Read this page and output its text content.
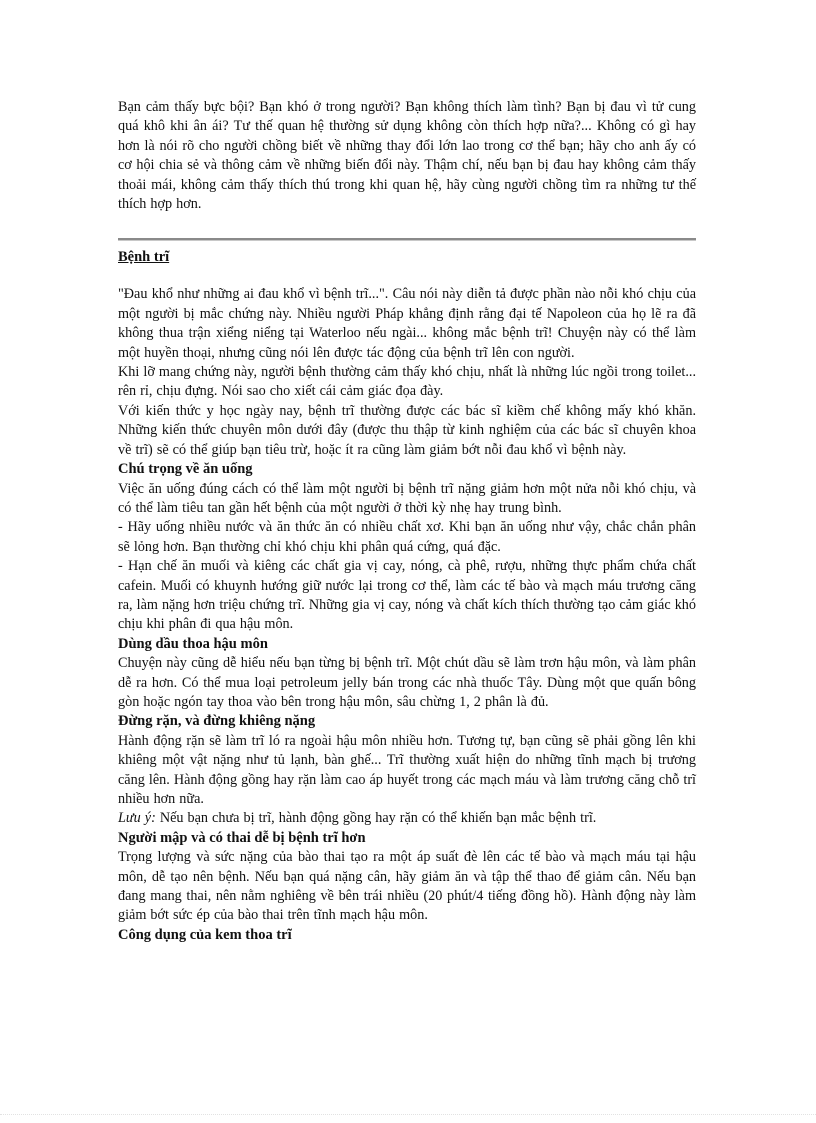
Bạn cảm thấy bực bội? Bạn khó ở trong người? Bạn không thích làm tình? Bạn bị đau vì tử cung quá khô khi ân ái? Tư thế quan hệ thường sử dụng không còn thích hợp nữa?... Không có gì hay hơn là nói rõ cho người chồng biết về những thay đổi lớn lao trong cơ thể bạn; hãy cho anh ấy có cơ hội chia sẻ và thông cảm về những biến đổi này. Thậm chí, nếu bạn bị đau hay không cảm thấy thoải mái, không cảm thấy thích thú trong khi quan hệ, hãy cùng người chồng tìm ra những tư thế thích hợp hơn.

Bệnh trĩ

"Đau khổ như những ai đau khổ vì bệnh trĩ...". Câu nói này diễn tả được phần nào nỗi khó chịu của một người bị mắc chứng này. Nhiều người Pháp khẳng định rằng đại tế Napoleon của họ lẽ ra đã không thua trận xiểng niểng tại Waterloo nếu ngài... không mắc bệnh trĩ! Chuyện này có thể làm một huyền thoại, nhưng cũng nói lên được tác động của bệnh trĩ lên con người.

Khi lỡ mang chứng này, người bệnh thường cảm thấy khó chịu, nhất là những lúc ngồi trong toilet... rên rỉ, chịu đựng. Nói sao cho xiết cái cảm giác đọa đày.

Với kiến thức y học ngày nay, bệnh trĩ thường được các bác sĩ kiềm chế không mấy khó khăn. Những kiến thức chuyên môn dưới đây (được thu thập từ kinh nghiệm của các bác sĩ chuyên khoa về trĩ) sẽ có thể giúp bạn tiêu trừ, hoặc ít ra cũng làm giảm bớt nỗi đau khổ vì bệnh này.

Chú trọng về ăn uống

Việc ăn uống đúng cách có thể làm một người bị bệnh trĩ nặng giảm hơn một nửa nỗi khó chịu, và có thể làm tiêu tan gần hết bệnh của một người ở thời kỳ nhẹ hay trung bình.

- Hãy uống nhiều nước và ăn thức ăn có nhiều chất xơ. Khi bạn ăn uống như vậy, chắc chắn phân sẽ lỏng hơn. Bạn thường chỉ khó chịu khi phân quá cứng, quá đặc.

- Hạn chế ăn muối và kiêng các chất gia vị cay, nóng, cà phê, rượu, những thực phẩm chứa chất cafein. Muối có khuynh hướng giữ nước lại trong cơ thể, làm các tế bào và mạch máu trương căng ra, làm nặng hơn triệu chứng trĩ. Những gia vị cay, nóng và chất kích thích thường tạo cảm giác khó chịu khi phân đi qua hậu môn.

Dùng dầu thoa hậu môn

Chuyện này cũng dễ hiểu nếu bạn từng bị bệnh trĩ. Một chút dầu sẽ làm trơn hậu môn, và làm phân dễ ra hơn. Có thể mua loại petroleum jelly bán trong các nhà thuốc Tây. Dùng một que quấn bông gòn hoặc ngón tay thoa vào bên trong hậu môn, sâu chừng 1, 2 phân là đủ.

Đừng rặn, và đừng khiêng nặng

Hành động rặn sẽ làm trĩ ló ra ngoài hậu môn nhiều hơn. Tương tự, bạn cũng sẽ phải gồng lên khi khiêng một vật nặng như tủ lạnh, bàn ghế... Trĩ thường xuất hiện do những tĩnh mạch bị trương căng lên. Hành động gồng hay rặn làm cao áp huyết trong các mạch máu và làm trương căng chỗ trĩ nhiều hơn nữa.

Lưu ý: Nếu bạn chưa bị trĩ, hành động gồng hay rặn có thể khiến bạn mắc bệnh trĩ.

Người mập và có thai dễ bị bệnh trĩ hơn

Trọng lượng và sức nặng của bào thai tạo ra một áp suất đè lên các tế bào và mạch máu tại hậu môn, dễ tạo nên bệnh. Nếu bạn quá nặng cân, hãy giảm ăn và tập thể thao để giảm cân. Nếu bạn đang mang thai, nên nằm nghiêng về bên trái nhiều (20 phút/4 tiếng đồng hồ). Hành động này làm giảm bớt sức ép của bào thai trên tĩnh mạch hậu môn.

Công dụng của kem thoa trĩ
